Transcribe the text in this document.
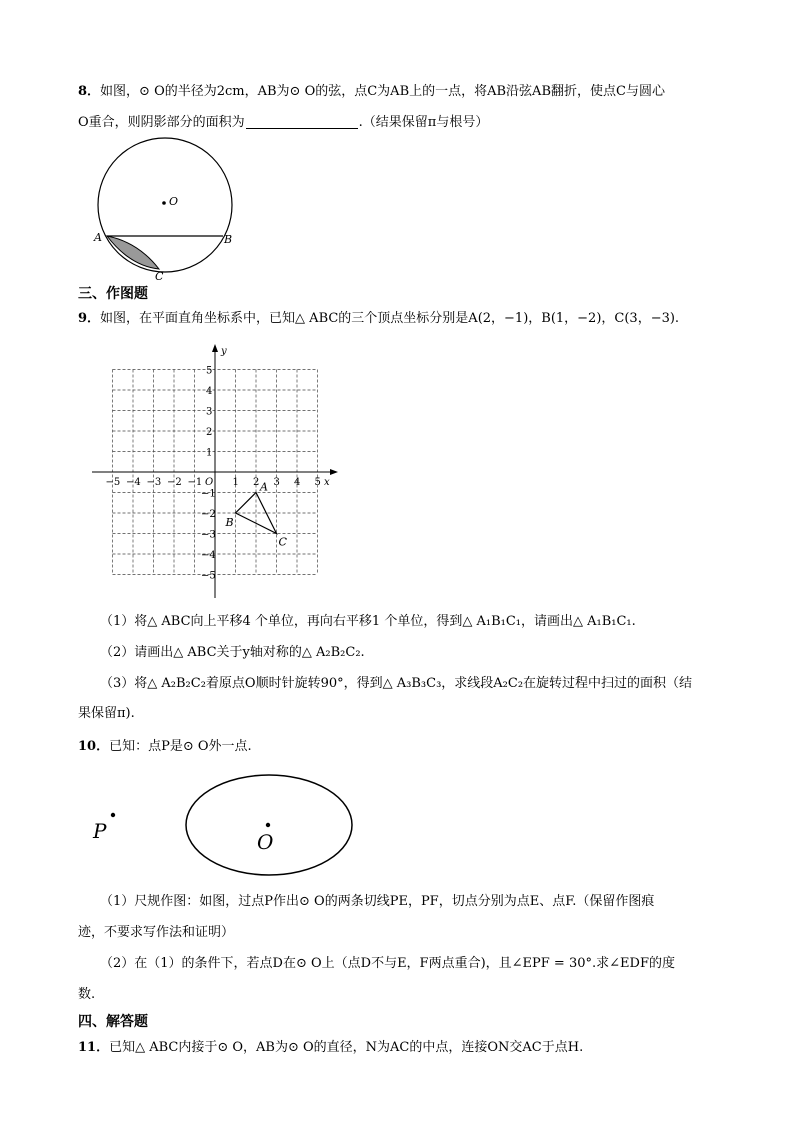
8．如图，⊙ O的半径为2cm，AB为⊙ O的弦，点C为AB上的一点，将AB沿弦AB翻折，使点C与圆心
O重合，则阴影部分的面积为	.（结果保留π与根号）
O
A	B
C
三、作图题
9．如图，在平面直角坐标系中，已知△ ABC的三个顶点坐标分别是A(2，−1)，B(1，−2)，C(3，−3).
x
y
O
−5 −4 −3 −2 −1	1 2 3 4 5
5
4
3
2
1
−1
−2
−3
−4
−5
A
B
C
（1）将△ ABC向上平移4 个单位，再向右平移1 个单位，得到△ A₁B₁C₁，请画出△ A₁B₁C₁.
（2）请画出△ ABC关于y轴对称的△ A₂B₂C₂.
（3）将△ A₂B₂C₂着原点O顺时针旋转90°，得到△ A₃B₃C₃，求线段A₂C₂在旋转过程中扫过的面积（结
果保留π).
10．已知：点P是⊙ O外一点.
P	O
（1）尺规作图：如图，过点P作出⊙ O的两条切线PE，PF，切点分别为点E、点F.（保留作图痕
迹，不要求写作法和证明）
（2）在（1）的条件下，若点D在⊙ O上（点D不与E，F两点重合)，且∠EPF = 30°.求∠EDF的度
数.
四、解答题
11．已知△ ABC内接于⊙ O，AB为⊙ O的直径，N为AC的中点，连接ON交AC于点H.
